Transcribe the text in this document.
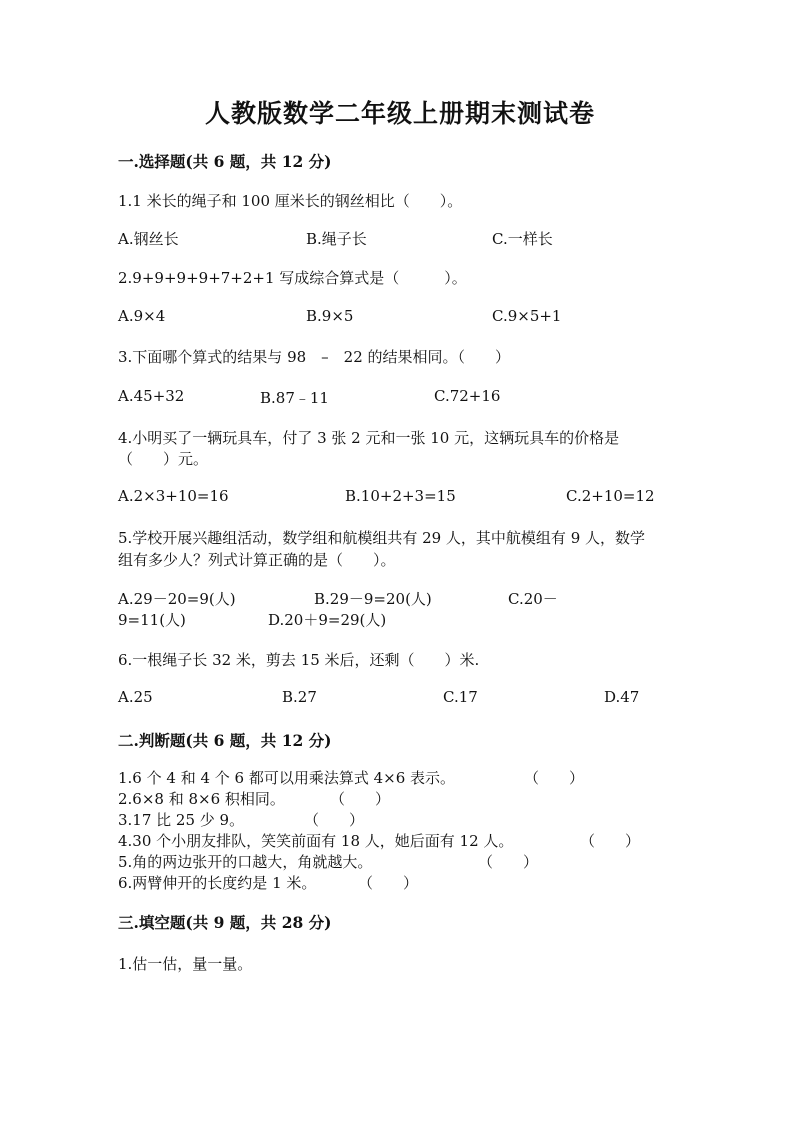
人教版数学二年级上册期末测试卷
一.选择题(共 6 题，共 12 分)
1.1 米长的绳子和 100 厘米长的钢丝相比（　　）。
A.钢丝长	B.绳子长	C.一样长
2.9+9+9+9+7+2+1 写成综合算式是（　　　）。
A.9×4	B.9×5	C.9×5+1
3.下面哪个算式的结果与 98　–　22 的结果相同。（　　）
A.45+32	B.87﹣11	C.72+16
4.小明买了一辆玩具车，付了 3 张 2 元和一张 10 元，这辆玩具车的价格是
（　　）元。
A.2×3+10=16	B.10+2+3=15	C.2+10=12
5.学校开展兴趣组活动，数学组和航模组共有 29 人，其中航模组有 9 人，数学
组有多少人？列式计算正确的是（　　）。
A.29－20=9(人)	B.29－9=20(人)	C.20－
9=11(人)	D.20＋9=29(人)
6.一根绳子长 32 米，剪去 15 米后，还剩（　　）米.
A.25	B.27	C.17	D.47
二.判断题(共 6 题，共 12 分)
1.6 个 4 和 4 个 6 都可以用乘法算式 4×6 表示。	（　　）
2.6×8 和 8×6 积相同。	（　　）
3.17 比 25 少 9。	（　　）
4.30 个小朋友排队，笑笑前面有 18 人，她后面有 12 人。	（　　）
5.角的两边张开的口越大，角就越大。	（　　）
6.两臂伸开的长度约是 1 米。	（　　）
三.填空题(共 9 题，共 28 分)
1.估一估，量一量。
